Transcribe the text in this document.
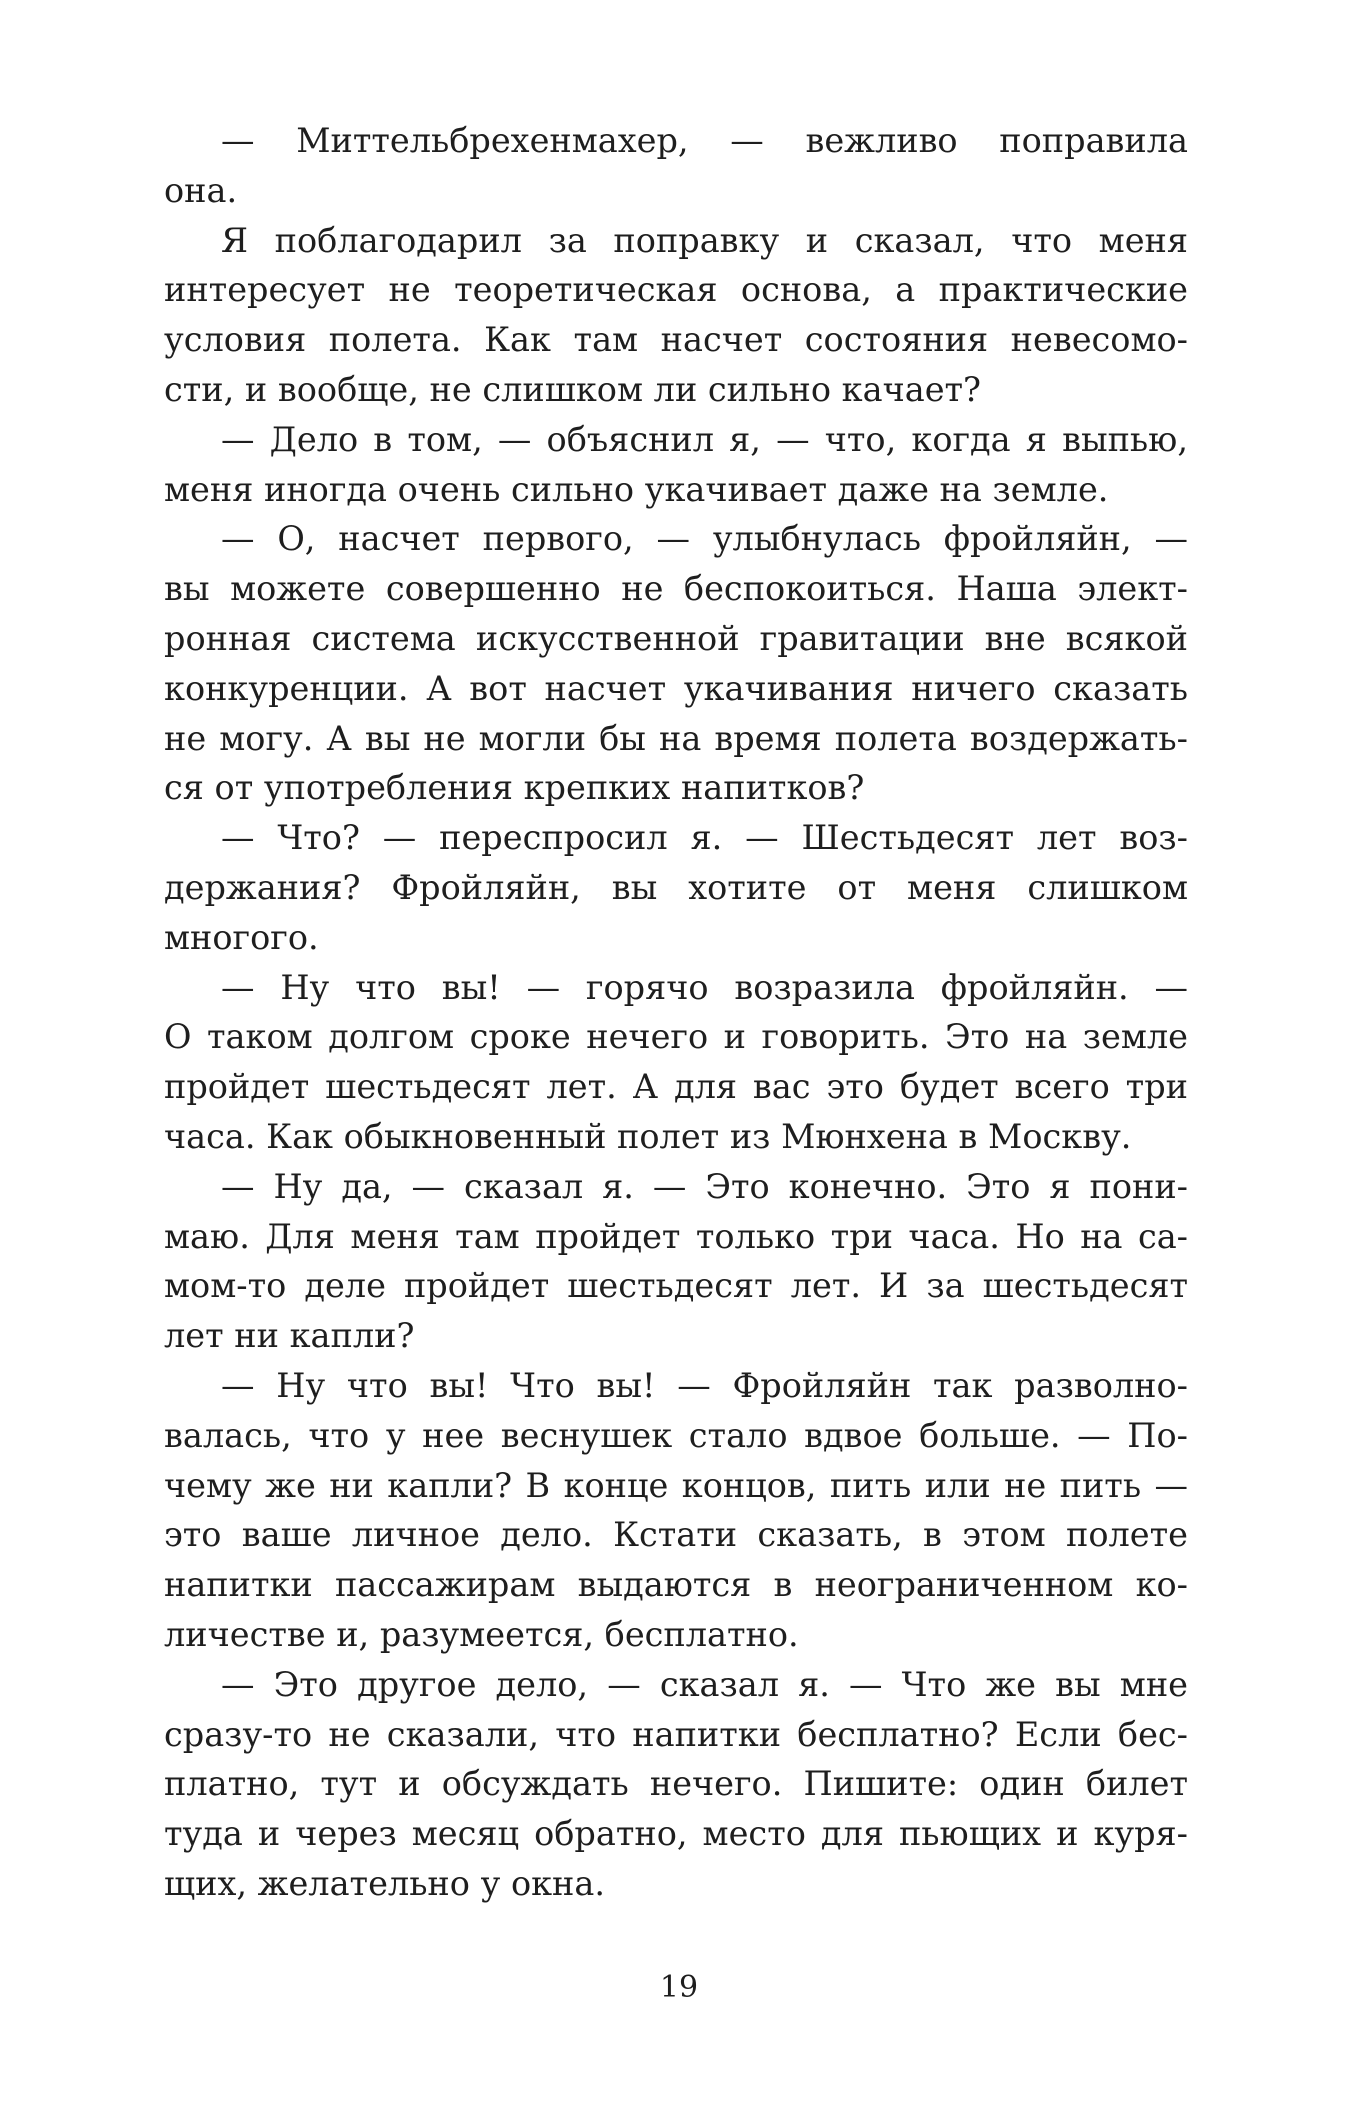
— Миттельбрехенмахер, — вежливо поправила
она.
Я поблагодарил за поправку и сказал, что меня
интересует не теоретическая основа, а практические
условия полета. Как там насчет состояния невесомо-
сти, и вообще, не слишком ли сильно качает?
— Дело в том, — объяснил я, — что, когда я выпью,
меня иногда очень сильно укачивает даже на земле.
— О, насчет первого, — улыбнулась фройляйн, —
вы можете совершенно не беспокоиться. Наша элект-
ронная система искусственной гравитации вне всякой
конкуренции. А вот насчет укачивания ничего сказать
не могу. А вы не могли бы на время полета воздержать-
ся от употребления крепких напитков?
— Что? — переспросил я. — Шестьдесят лет воз-
держания? Фройляйн, вы хотите от меня слишком
многого.
— Ну что вы! — горячо возразила фройляйн. —
О таком долгом сроке нечего и говорить. Это на земле
пройдет шестьдесят лет. А для вас это будет всего три
часа. Как обыкновенный полет из Мюнхена в Москву.
— Ну да, — сказал я. — Это конечно. Это я пони-
маю. Для меня там пройдет только три часа. Но на са-
мом-то деле пройдет шестьдесят лет. И за шестьдесят
лет ни капли?
— Ну что вы! Что вы! — Фройляйн так разволно-
валась, что у нее веснушек стало вдвое больше. — По-
чему же ни капли? В конце концов, пить или не пить —
это ваше личное дело. Кстати сказать, в этом полете
напитки пассажирам выдаются в неограниченном ко-
личестве и, разумеется, бесплатно.
— Это другое дело, — сказал я. — Что же вы мне
сразу-то не сказали, что напитки бесплатно? Если бес-
платно, тут и обсуждать нечего. Пишите: один билет
туда и через месяц обратно, место для пьющих и куря-
щих, желательно у окна.
19
